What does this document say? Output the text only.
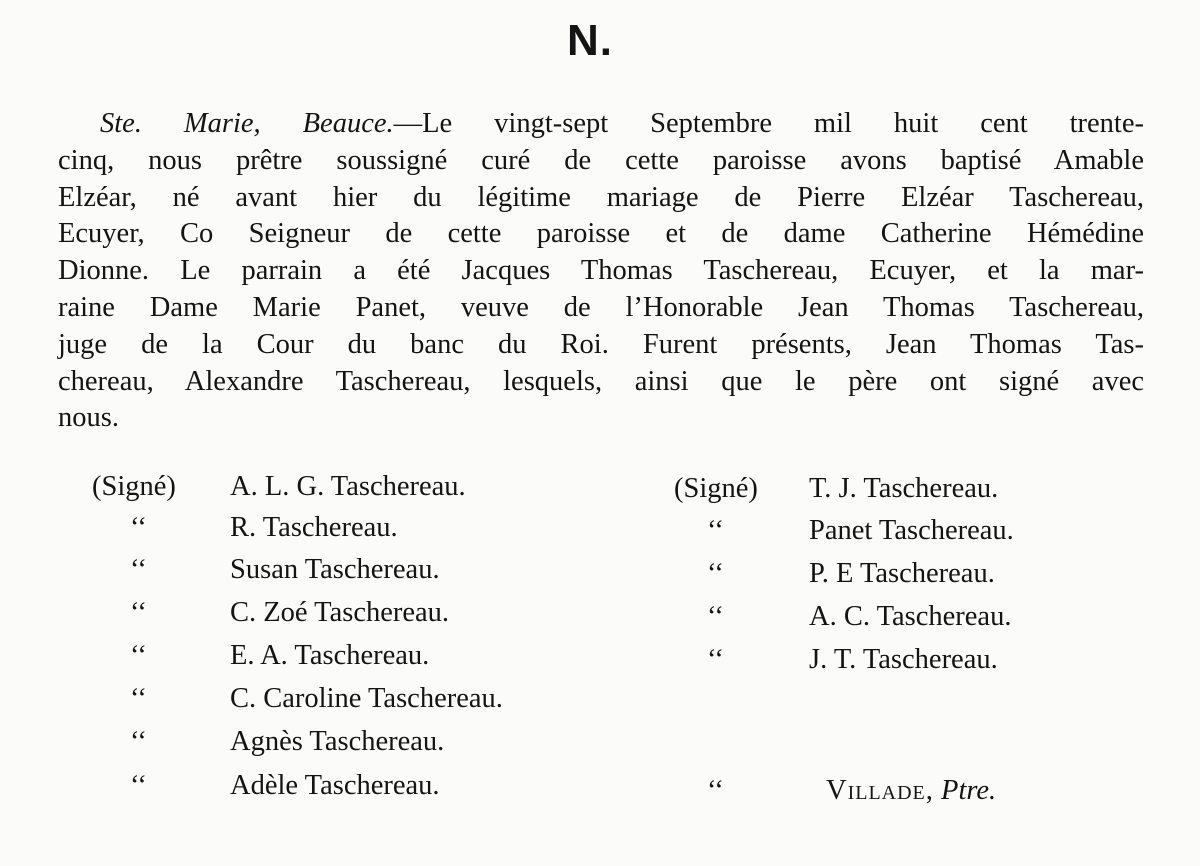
N.
Ste. Marie, Beauce.—Le vingt-sept Septembre mil huit cent trente-
cinq, nous prêtre soussigné curé de cette paroisse avons baptisé Amable
Elzéar, né avant hier du légitime mariage de Pierre Elzéar Taschereau,
Ecuyer, Co Seigneur de cette paroisse et de dame Catherine Hémédine
Dionne. Le parrain a été Jacques Thomas Taschereau, Ecuyer, et la mar-
raine Dame Marie Panet, veuve de l’Honorable Jean Thomas Taschereau,
juge de la Cour du banc du Roi. Furent présents, Jean Thomas Tas-
chereau, Alexandre Taschereau, lesquels, ainsi que le père ont signé avec
nous.
(Signé) A. L. G. Taschereau.
‘‘	R. Taschereau.
‘‘	Susan Taschereau.
‘‘	C. Zoé Taschereau.
‘‘	E. A. Taschereau.
‘‘	C. Caroline Taschereau.
‘‘	Agnès Taschereau.
‘‘	Adèle Taschereau.
(Signé) T. J. Taschereau.
‘‘	Panet Taschereau.
‘‘	P. E Taschereau.
‘‘	A. C. Taschereau.
‘‘	J. T. Taschereau.
‘‘	Villade, Ptre.
